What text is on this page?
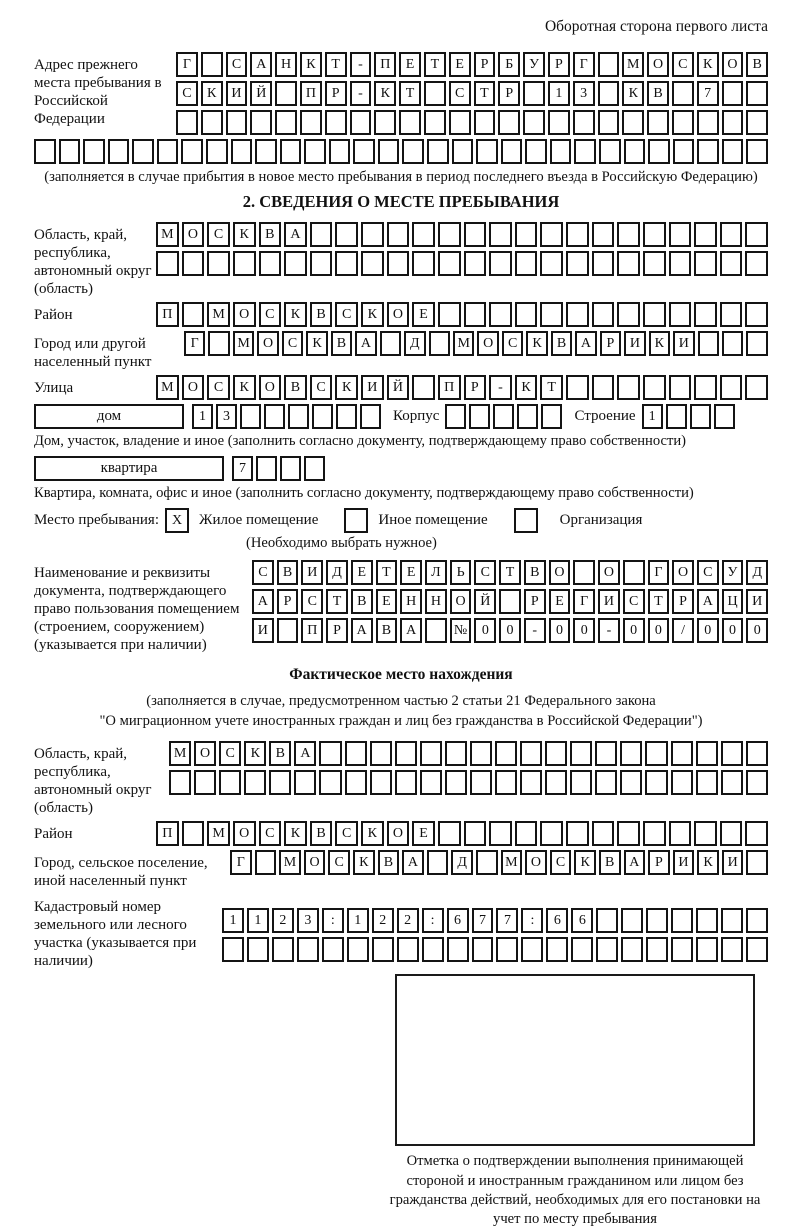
Оборотная сторона первого листа
Адрес прежнего места пребывания в Российской Федерации
Г	С	А	Н	К	Т	-	П	Е	Т	Е	Р	Б	У	Р	Г	М О	С	К	О	В
С	К	И	Й	П	Р	-	К	Т	С	Т	Р	1	3	К	В	7
(заполняется в случае прибытия в новое место пребывания в период последнего въезда в Российскую Федерацию)
2. СВЕДЕНИЯ О МЕСТЕ ПРЕБЫВАНИЯ
Область, край, республика, автономный округ (область)
М	О	С	К	В	А
Район	П	М	О	С	К	В	С	К	О	Е
Город или другой населенный пункт
Г	М О	С	К	В	А	Д	М О	С	К	В	А	Р	И	К	И
Улица	М	О	С	К	О	В	С	К	И	Й	П	Р	-	К	Т
дом	1	3	Корпус	Строение 1
Дом, участок, владение и иное (заполнить согласно документу, подтверждающему право собственности)
квартира	7
Квартира, комната, офис и иное (заполнить согласно документу, подтверждающему право собственности)
Место пребывания: X	Жилое помещение	Иное помещение	Организация
(Необходимо выбрать нужное)
Наименование и реквизиты документа, подтверждающего право пользования помещением (строением, сооружением) (указывается при наличии)
С	В	И	Д	Е	Т	Е	Л	Ь	С	Т	В	О	О	Г	О	С	У	Д
А	Р	С	Т	В	Е	Н	Н	О	Й	Р	Е	Г	И	С	Т	Р	А	Ц	И
И	П	Р	А	В	А	№	0	0	-	0	0	-	0	0	/	0	0	0
Фактическое место нахождения
(заполняется в случае, предусмотренном частью 2 статьи 21 Федерального закона
"О миграционном учете иностранных граждан и лиц без гражданства в Российской Федерации")
Область, край, республика, автономный округ (область)
М О	С	К	В	А
Район	П	М	О	С	К	В	С	К	О	Е
Город, сельское поселение, иной населенный пункт
Г	М О	С	К	В	А	Д	М О	С	К	В	А	Р	И	К	И
Кадастровый номер земельного или лесного участка (указывается при наличии)
1	1	2	3	:	1	2	2	:	6	7	7	:	6	6
Отметка о подтверждении выполнения принимающей стороной и иностранным гражданином или лицом без гражданства действий, необходимых для его постановки на учет по месту пребывания
